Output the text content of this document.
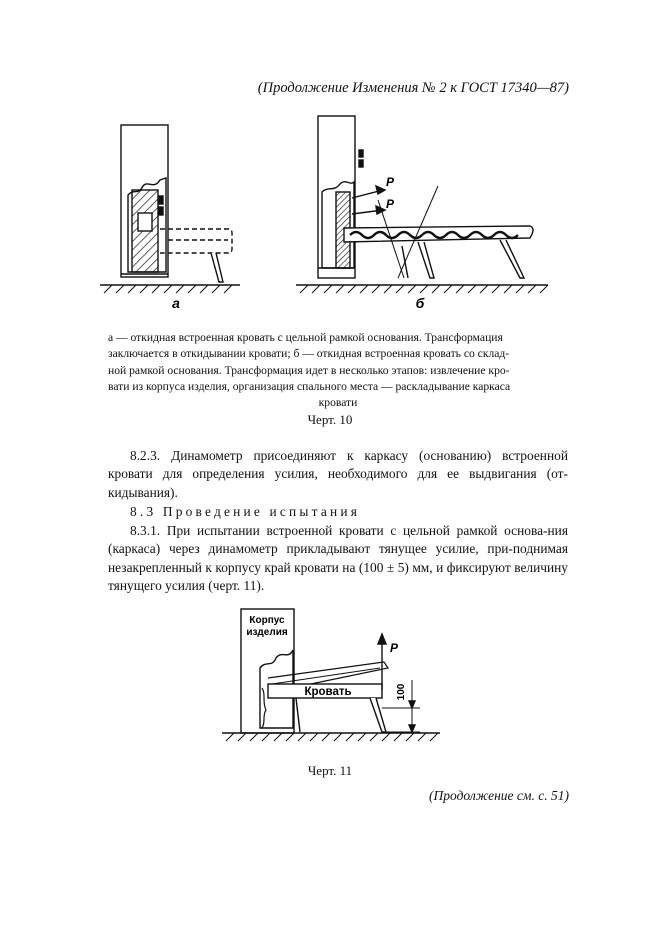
(Продолжение Изменения № 2 к ГОСТ 17340—87)
а
P
P
б
а — откидная встроенная кровать с цельной рамкой основания. Трансформация
заключается в откидывании кровати; б — откидная встроенная кровать со склад-
ной рамкой основания. Трансформация идет в несколько этапов: извлечение кро-
вати из корпуса изделия, организация спального места — раскладывание каркаса
кровати
Черт. 10
8.2.3. Динамометр присоединяют к каркасу (основанию) встроенной кровати для определения усилия, необходимого для ее выдвигания (от-кидывания).
8.3 Проведение испытания
8.3.1. При испытании встроенной кровати с цельной рамкой основа-ния (каркаса) через динамометр прикладывают тянущее усилие, при-поднимая незакрепленный к корпусу край кровати на (100 ± 5) мм, и фиксируют величину тянущего усилия (черт. 11).
Корпус
изделия
Кровать
P
100
Черт. 11
(Продолжение см. с. 51)
